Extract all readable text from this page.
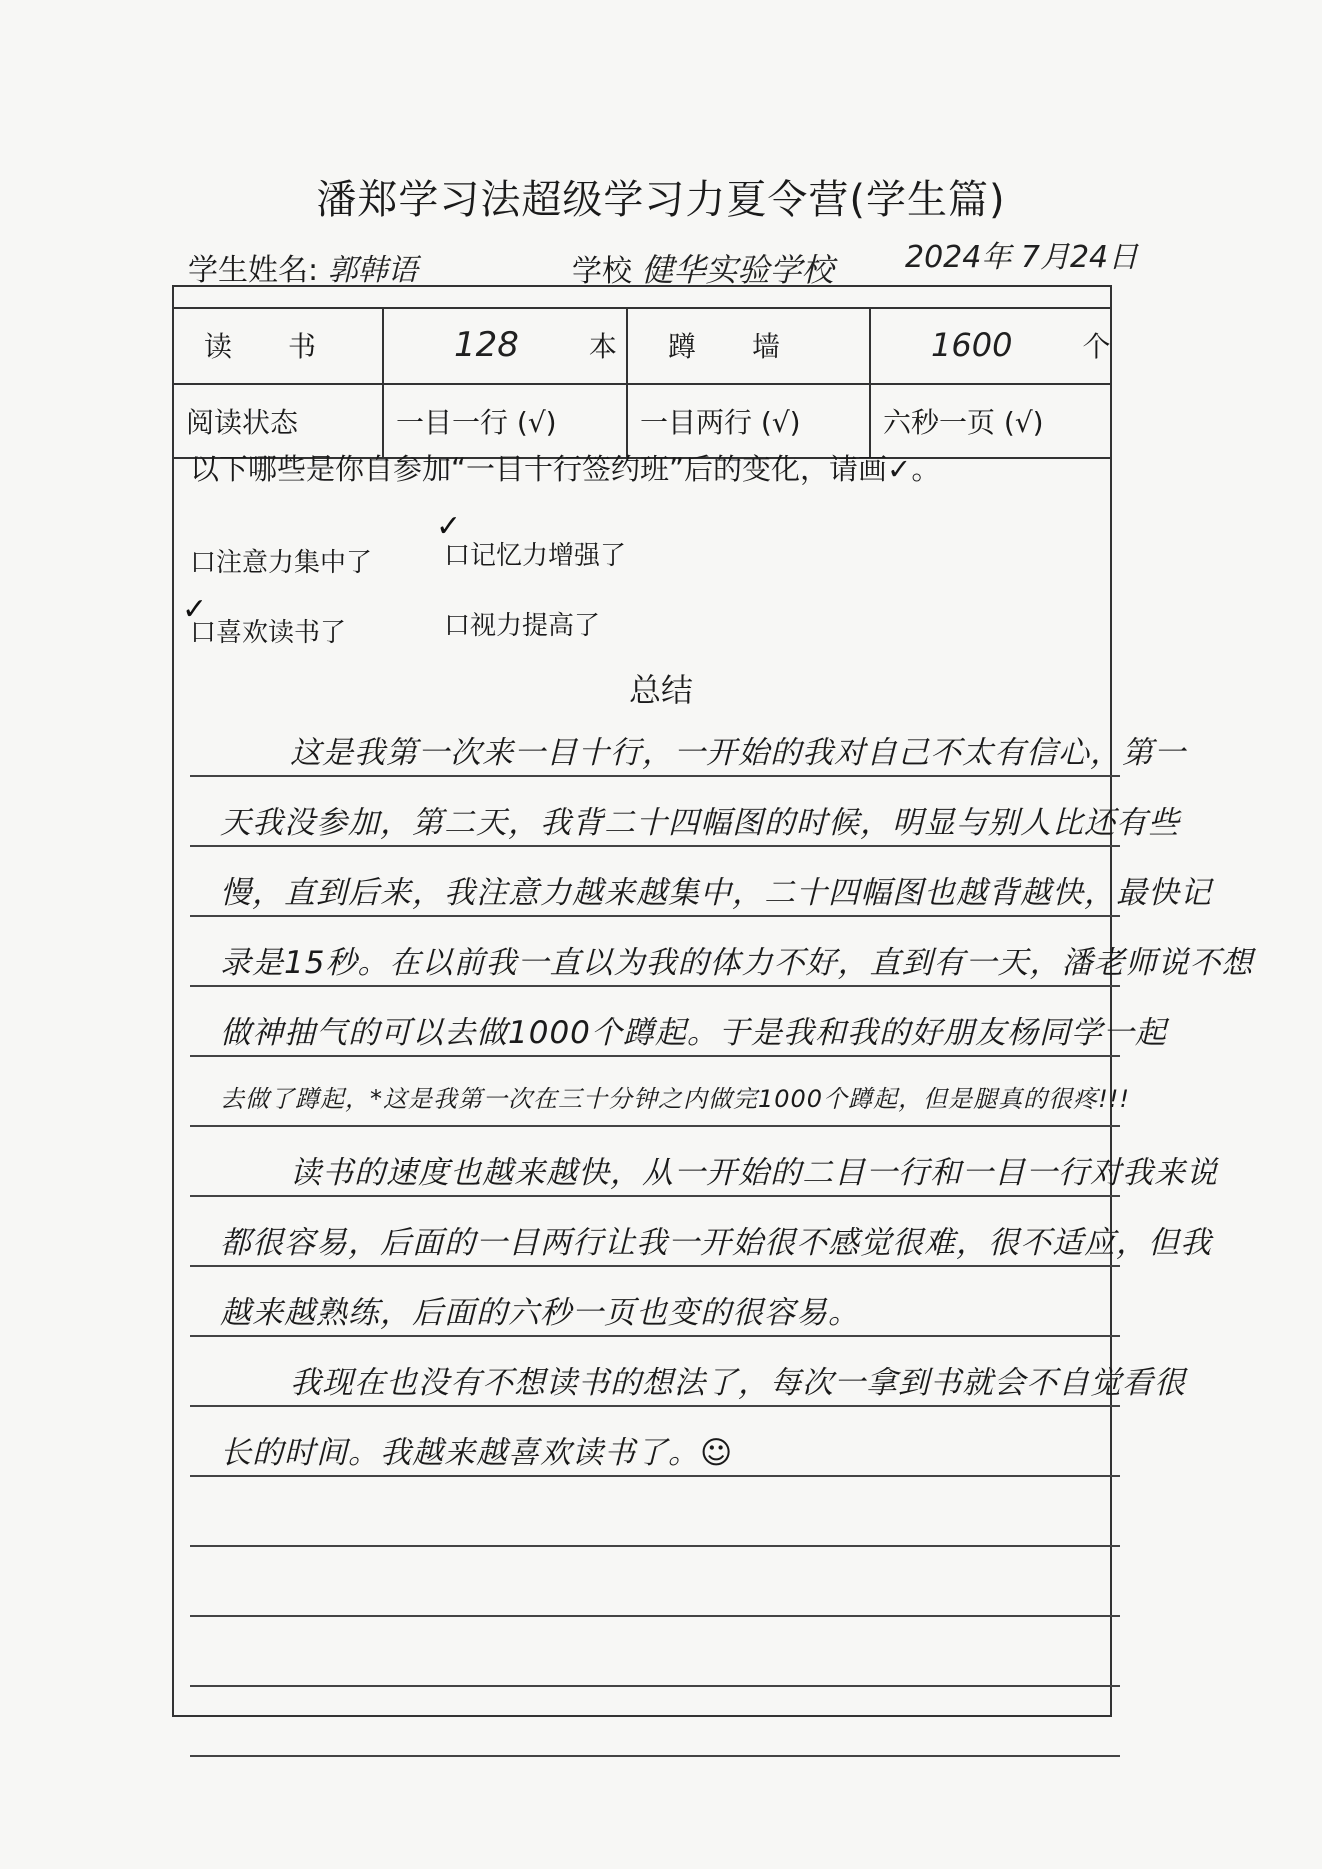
潘郑学习法超级学习力夏令营(学生篇)
学生姓名: 郭韩语	学校 健华实验学校 2024年 7月24日
读　　书	128	本	蹲　　墙	1600	个
阅读状态	一目一行 (√)	一目两行 (√)	六秒一页 (√)
以下哪些是你自参加“一目十行签约班”后的变化，请画✓。
口注意力集中了	口记忆力增强了
✓
口喜欢读书了
✓	口视力提高了
总结
这是我第一次来一目十行，一开始的我对自己不太有信心，第一
天我没参加，第二天，我背二十四幅图的时候，明显与别人比还有些
慢，直到后来，我注意力越来越集中，二十四幅图也越背越快，最快记
录是15秒。在以前我一直以为我的体力不好，直到有一天，潘老师说不想
做神抽气的可以去做1000个蹲起。于是我和我的好朋友杨同学一起
去做了蹲起，*这是我第一次在三十分钟之内做完1000个蹲起，但是腿真的很疼!!!
读书的速度也越来越快，从一开始的二目一行和一目一行对我来说
都很容易，后面的一目两行让我一开始很不感觉很难，很不适应，但我
越来越熟练，后面的六秒一页也变的很容易。
我现在也没有不想读书的想法了，每次一拿到书就会不自觉看很
长的时间。我越来越喜欢读书了。☺
